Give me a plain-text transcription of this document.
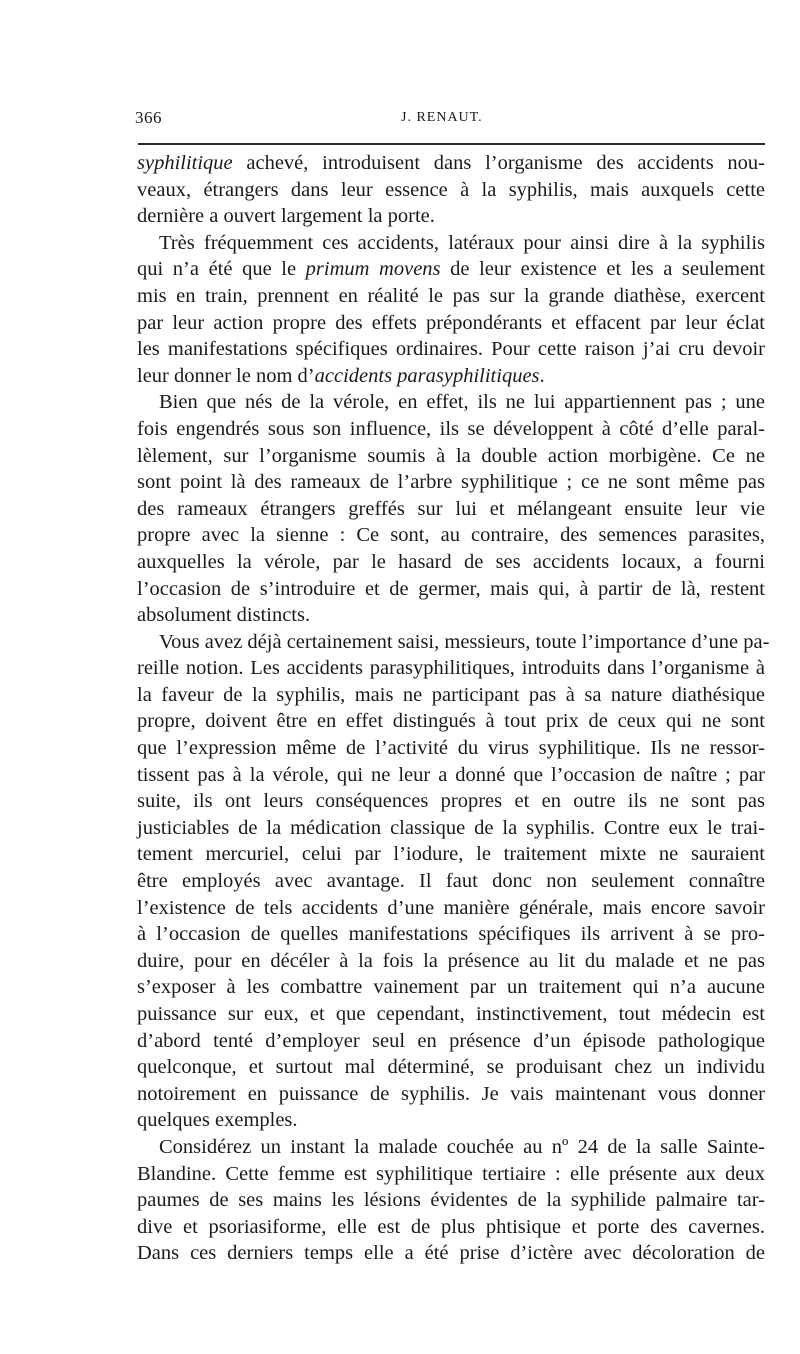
366	J. RENAUT.
syphilitique achevé, introduisent dans l’organisme des accidents nou-
veaux, étrangers dans leur essence à la syphilis, mais auxquels cette
dernière a ouvert largement la porte.
Très fréquemment ces accidents, latéraux pour ainsi dire à la syphilis
qui n’a été que le primum movens de leur existence et les a seulement
mis en train, prennent en réalité le pas sur la grande diathèse, exercent
par leur action propre des effets prépondérants et effacent par leur éclat
les manifestations spécifiques ordinaires. Pour cette raison j’ai cru devoir
leur donner le nom d’accidents parasyphilitiques.
Bien que nés de la vérole, en effet, ils ne lui appartiennent pas ; une
fois engendrés sous son influence, ils se développent à côté d’elle paral-
lèlement, sur l’organisme soumis à la double action morbigène. Ce ne
sont point là des rameaux de l’arbre syphilitique ; ce ne sont même pas
des rameaux étrangers greffés sur lui et mélangeant ensuite leur vie
propre avec la sienne : Ce sont, au contraire, des semences parasites,
auxquelles la vérole, par le hasard de ses accidents locaux, a fourni
l’occasion de s’introduire et de germer, mais qui, à partir de là, restent
absolument distincts.
Vous avez déjà certainement saisi, messieurs, toute l’importance d’une pa-
reille notion. Les accidents parasyphilitiques, introduits dans l’organisme à
la faveur de la syphilis, mais ne participant pas à sa nature diathésique
propre, doivent être en effet distingués à tout prix de ceux qui ne sont
que l’expression même de l’activité du virus syphilitique. Ils ne ressor-
tissent pas à la vérole, qui ne leur a donné que l’occasion de naître ; par
suite, ils ont leurs conséquences propres et en outre ils ne sont pas
justiciables de la médication classique de la syphilis. Contre eux le trai-
tement mercuriel, celui par l’iodure, le traitement mixte ne sauraient
être employés avec avantage. Il faut donc non seulement connaître
l’existence de tels accidents d’une manière générale, mais encore savoir
à l’occasion de quelles manifestations spécifiques ils arrivent à se pro-
duire, pour en décéler à la fois la présence au lit du malade et ne pas
s’exposer à les combattre vainement par un traitement qui n’a aucune
puissance sur eux, et que cependant, instinctivement, tout médecin est
d’abord tenté d’employer seul en présence d’un épisode pathologique
quelconque, et surtout mal déterminé, se produisant chez un individu
notoirement en puissance de syphilis. Je vais maintenant vous donner
quelques exemples.
Considérez un instant la malade couchée au nº 24 de la salle Sainte-
Blandine. Cette femme est syphilitique tertiaire : elle présente aux deux
paumes de ses mains les lésions évidentes de la syphilide palmaire tar-
dive et psoriasiforme, elle est de plus phtisique et porte des cavernes.
Dans ces derniers temps elle a été prise d’ictère avec décoloration de
